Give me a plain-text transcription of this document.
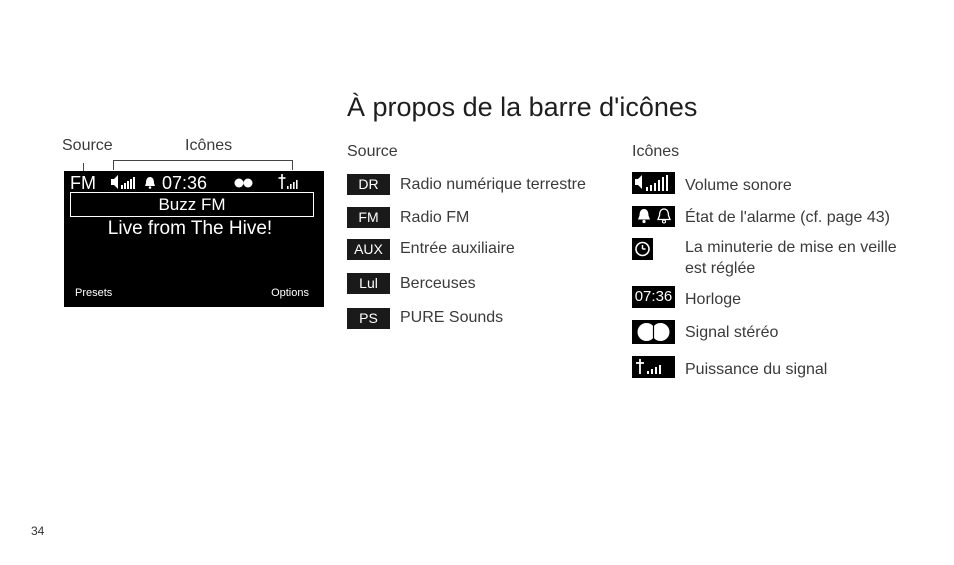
À propos de la barre d'icônes
Source	Icônes
FM	07:36
Buzz FM
Live from The Hive!
Presets	Options
Source
DR	Radio numérique terrestre
FM	Radio FM
AUX	Entrée auxiliaire
Lul	Berceuses
PS	PURE Sounds
Icônes
Volume sonore
État de l'alarme (cf. page 43)
La minuterie de mise en veille
est réglée
07:36 Horloge
Signal stéréo
Puissance du signal
34
